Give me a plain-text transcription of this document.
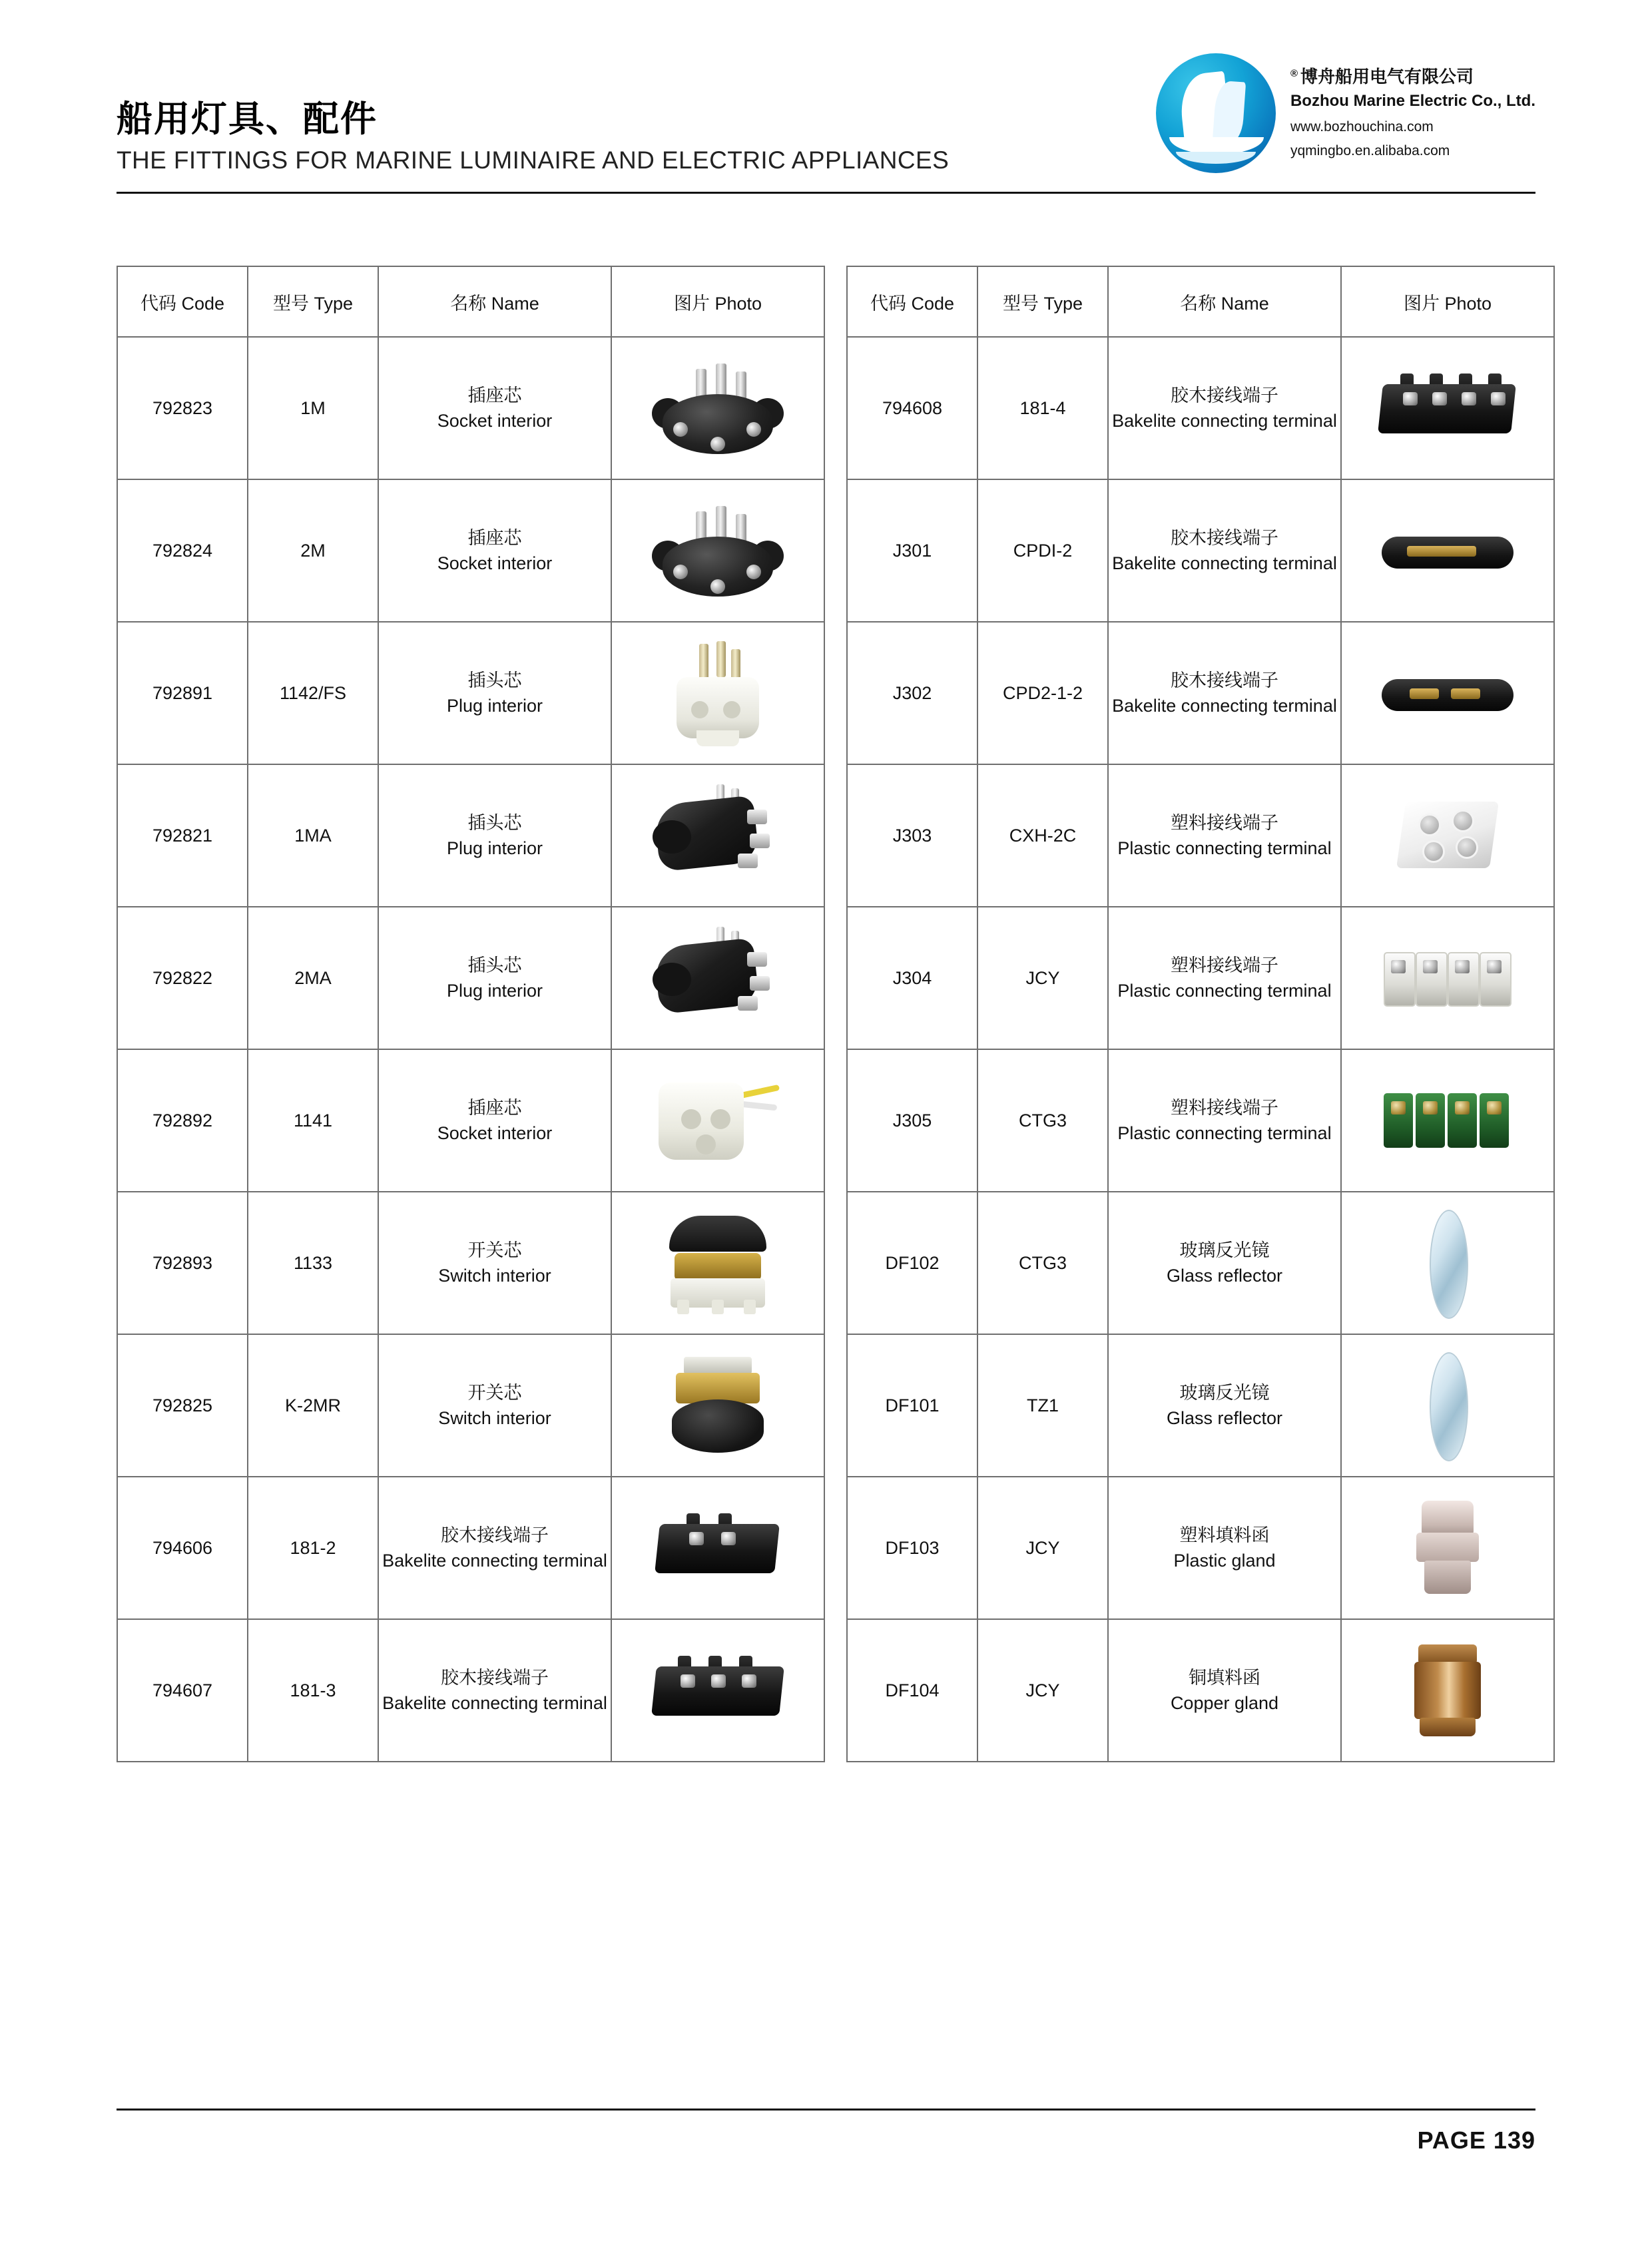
船用灯具、配件
THE FITTINGS FOR MARINE LUMINAIRE AND ELECTRIC APPLIANCES
® 博舟船用电气有限公司
Bozhou Marine Electric Co., Ltd.
www.bozhouchina.com
yqmingbo.en.alibaba.com
代码 Code	型号 Type	名称 Name	图片 Photo
792823	1M	插座芯
Socket interior	

792824	2M	插座芯
Socket interior	

792891	1142/FS	插头芯
Plug interior	

792821	1MA	插头芯
Plug interior	

792822	2MA	插头芯
Plug interior	

792892	1141	插座芯
Socket interior	

792893	1133	开关芯
Switch interior	

792825	K-2MR	开关芯
Switch interior	

794606	181-2	胶木接线端子
Bakelite connecting terminal	

794607	181-3	胶木接线端子
Bakelite connecting terminal	

代码 Code	型号 Type	名称 Name	图片 Photo
794608	181-4	胶木接线端子
Bakelite connecting terminal	

J301	CPDI-2	胶木接线端子
Bakelite connecting terminal	

J302	CPD2-1-2	胶木接线端子
Bakelite connecting terminal	

J303	CXH-2C	塑料接线端子
Plastic connecting terminal	

J304	JCY	塑料接线端子
Plastic connecting terminal	

J305	CTG3	塑料接线端子
Plastic connecting terminal	

DF102	CTG3	玻璃反光镜
Glass reflector	

DF101	TZ1	玻璃反光镜
Glass reflector	

DF103	JCY	塑料填料函
Plastic gland	

DF104	JCY	铜填料函
Copper gland	

PAGE 139
